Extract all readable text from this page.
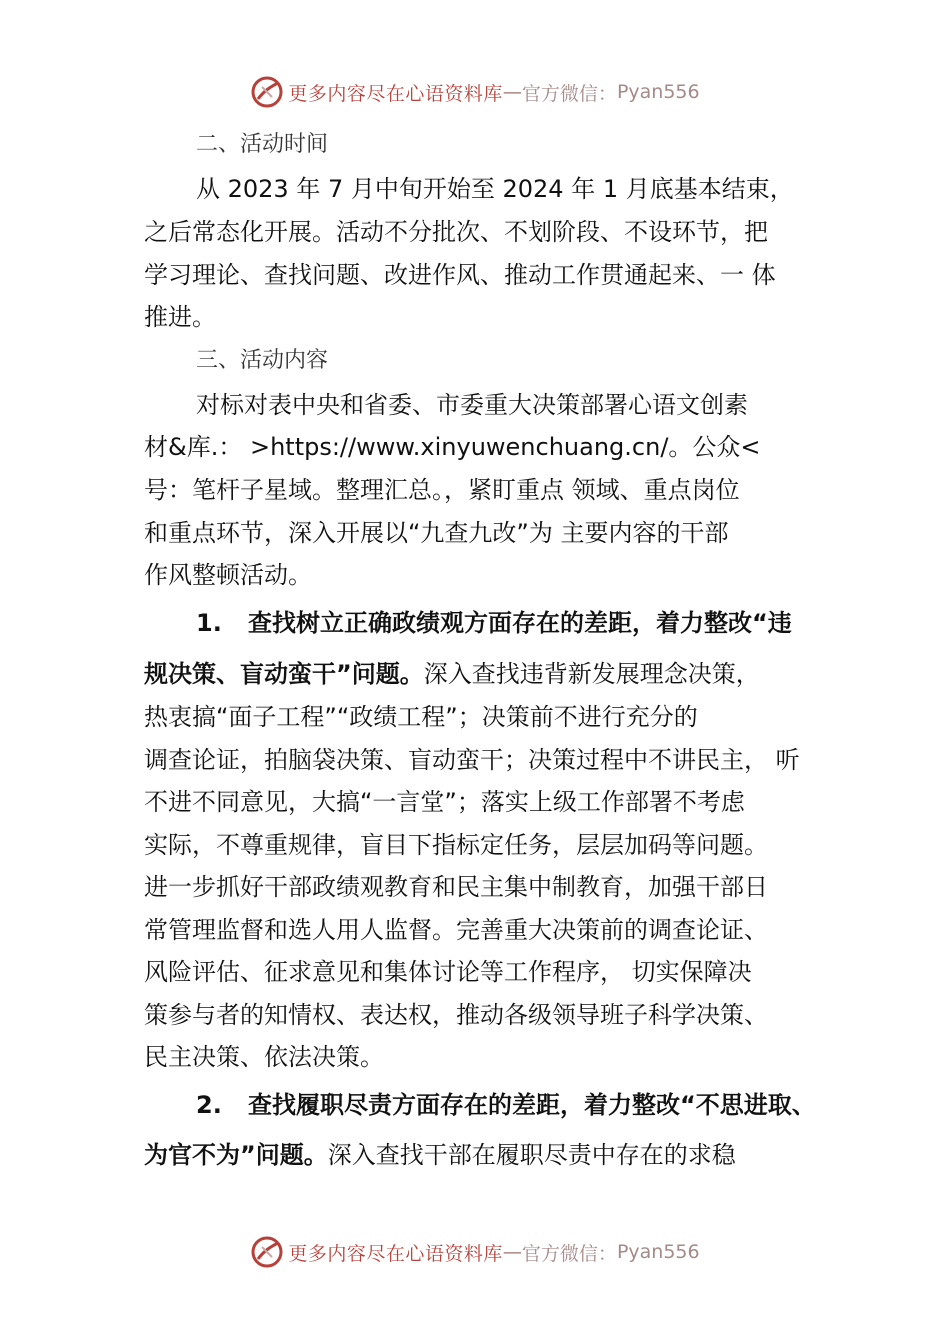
更多内容尽在心语资料库 — 官方微信： Pyan556
二、活动时间
从 2023 年 7 月中旬开始至 2024 年 1 月底基本结束，
之后常态化开展。活动不分批次、不划阶段、不设环节，把
学习理论、查找问题、改进作风、推动工作贯通起来、一 体
推进。
三、活动内容
对标对表中央和省委、市委重大决策部署心语文创素
材&库.： >https://www.xinyuwenchuang.cn/。公众<
号：笔杆子星域。整理汇总。，紧盯重点 领域、重点岗位
和重点环节，深入开展以“九查九改”为 主要内容的干部
作风整顿活动。
1. 查找树立正确政绩观方面存在的差距，着力整改“违
规决策、盲动蛮干”问题。深入查找违背新发展理念决策，
热衷搞“面子工程”“政绩工程”；决策前不进行充分的
调查论证，拍脑袋决策、盲动蛮干；决策过程中不讲民主， 听
不进不同意见，大搞“一言堂”；落实上级工作部署不考虑
实际，不尊重规律，盲目下指标定任务，层层加码等问题。
进一步抓好干部政绩观教育和民主集中制教育，加强干部日
常管理监督和选人用人监督。完善重大决策前的调查论证、
风险评估、征求意见和集体讨论等工作程序， 切实保障决
策参与者的知情权、表达权，推动各级领导班子科学决策、
民主决策、依法决策。
2. 查找履职尽责方面存在的差距，着力整改“不思进取、
为官不为”问题。深入查找干部在履职尽责中存在的求稳
更多内容尽在心语资料库 — 官方微信： Pyan556
